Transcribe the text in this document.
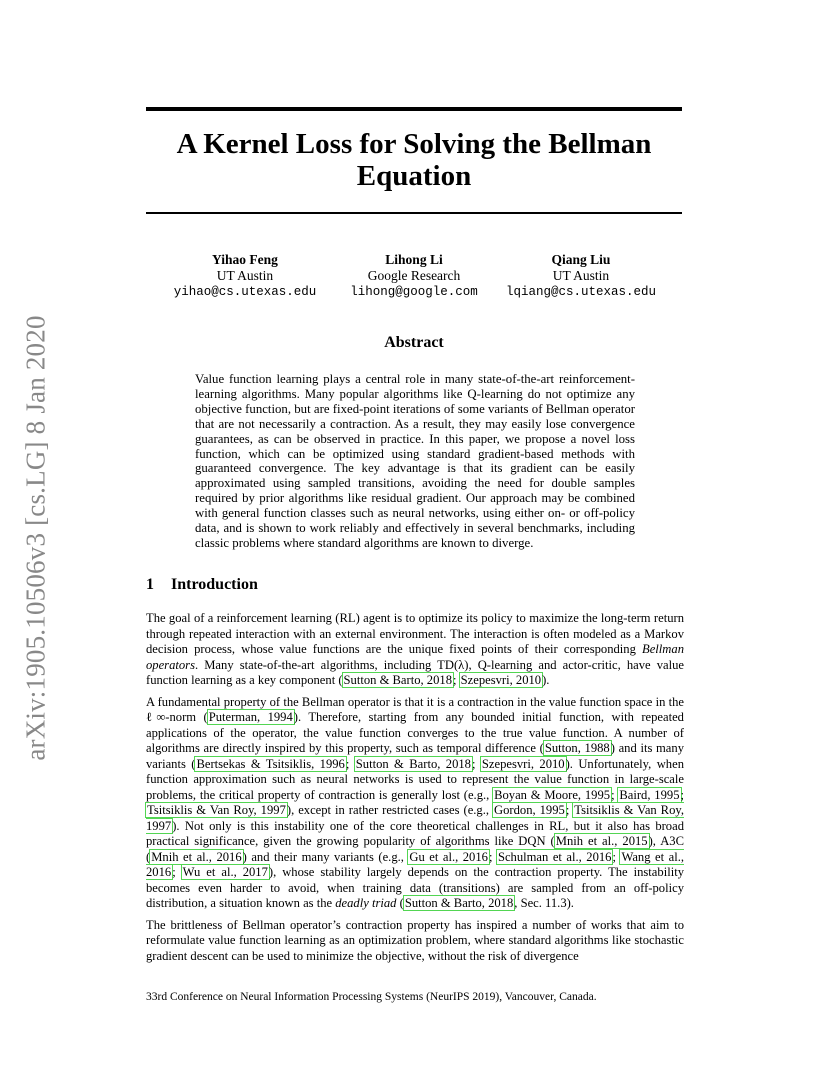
arXiv:1905.10506v3 [cs.LG] 8 Jan 2020
A Kernel Loss for Solving the Bellman
Equation
Yihao Feng
UT Austin
yihao@cs.utexas.edu
Lihong Li
Google Research
lihong@google.com
Qiang Liu
UT Austin
lqiang@cs.utexas.edu
Abstract
Value function learning plays a central role in many state-of-the-art reinforcement-learning algorithms. Many popular algorithms like Q-learning do not optimize any objective function, but are fixed-point iterations of some variants of Bellman operator that are not necessarily a contraction. As a result, they may easily lose convergence guarantees, as can be observed in practice. In this paper, we propose a novel loss function, which can be optimized using standard gradient-based methods with guaranteed convergence. The key advantage is that its gradient can be easily approximated using sampled transitions, avoiding the need for double samples required by prior algorithms like residual gradient. Our approach may be combined with general function classes such as neural networks, using either on- or off-policy data, and is shown to work reliably and effectively in several benchmarks, including classic problems where standard algorithms are known to diverge.
1 Introduction

The goal of a reinforcement learning (RL) agent is to optimize its policy to maximize the long-term return through repeated interaction with an external environment. The interaction is often modeled as a Markov decision process, whose value functions are the unique fixed points of their corresponding Bellman operators. Many state-of-the-art algorithms, including TD(λ), Q-learning and actor-critic, have value function learning as a key component (Sutton & Barto, 2018; Szepesvri, 2010).

A fundamental property of the Bellman operator is that it is a contraction in the value function space in the ℓ∞-norm (Puterman, 1994). Therefore, starting from any bounded initial function, with repeated applications of the operator, the value function converges to the true value function. A number of algorithms are directly inspired by this property, such as temporal difference (Sutton, 1988) and its many variants (Bertsekas & Tsitsiklis, 1996; Sutton & Barto, 2018; Szepesvri, 2010). Unfortunately, when function approximation such as neural networks is used to represent the value function in large-scale problems, the critical property of contraction is generally lost (e.g., Boyan & Moore, 1995; Baird, 1995; Tsitsiklis & Van Roy, 1997), except in rather restricted cases (e.g., Gordon, 1995; Tsitsiklis & Van Roy, 1997). Not only is this instability one of the core theoretical challenges in RL, but it also has broad practical significance, given the growing popularity of algorithms like DQN (Mnih et al., 2015), A3C (Mnih et al., 2016) and their many variants (e.g., Gu et al., 2016; Schulman et al., 2016; Wang et al., 2016; Wu et al., 2017), whose stability largely depends on the contraction property. The instability becomes even harder to avoid, when training data (transitions) are sampled from an off-policy distribution, a situation known as the deadly triad (Sutton & Barto, 2018, Sec. 11.3).

The brittleness of Bellman operator’s contraction property has inspired a number of works that aim to reformulate value function learning as an optimization problem, where standard algorithms like stochastic gradient descent can be used to minimize the objective, without the risk of divergence

33rd Conference on Neural Information Processing Systems (NeurIPS 2019), Vancouver, Canada.
